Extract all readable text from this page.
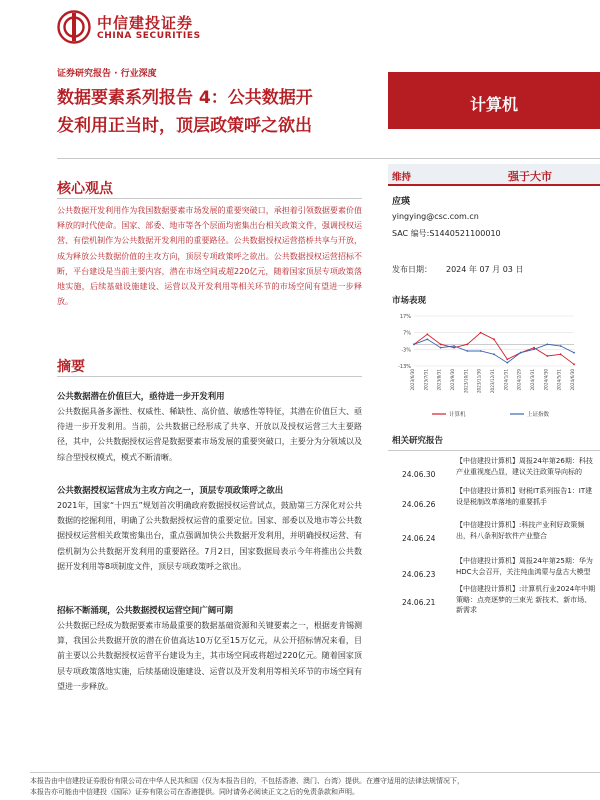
中信建投证券
CHINA SECURITIES
证券研究报告 · 行业深度
数据要素系列报告 4：公共数据开
发利用正当时，顶层政策呼之欲出
计算机
核心观点
公共数据开发利用作为我国数据要素市场发展的重要突破口，承担着引领数据要素价值释放的时代使命。国家、部委、地市等各个层面均密集出台相关政策文件，强调授权运营、有偿机制作为公共数据开发利用的重要路径。公共数据授权运营搭桥共享与开放，成为释放公共数据价值的主攻方向，顶层专项政策呼之欲出。公共数据授权运营招标不断，平台建设是当前主要内容，潜在市场空间或超220亿元，随着国家顶层专项政策落地实施，后续基础设施建设、运营以及开发利用等相关环节的市场空间有望进一步释放。
摘要
公共数据潜在价值巨大，亟待进一步开发利用
公共数据具备多源性、权威性、稀缺性、高价值、敏感性等特征，其潜在价值巨大、亟待进一步开发利用。当前，公共数据已经形成了共享、开放以及授权运营三大主要路径，其中，公共数据授权运营是数据要素市场发展的重要突破口，主要分为分领域以及综合型授权模式，模式不断清晰。
公共数据授权运营成为主攻方向之一，顶层专项政策呼之欲出
2021年，国家“十四五”规划首次明确政府数据授权运营试点，鼓励第三方深化对公共数据的挖掘利用，明确了公共数据授权运营的重要定位。国家、部委以及地市等公共数据授权运营相关政策密集出台，重点强调加快公共数据开发利用，并明确授权运营、有偿机制为公共数据开发利用的重要路径。7月2日，国家数据局表示今年将推出公共数据开发利用等8项制度文件，顶层专项政策呼之欲出。
招标不断涌现，公共数据授权运营空间广阔可期
公共数据已经成为数据要素市场最重要的数据基础资源和关键要素之一，根据麦肯锡测算，我国公共数据开放的潜在价值高达10万亿至15万亿元，从公开招标情况来看，目前主要以公共数据授权运营平台建设为主，其市场空间或将超过220亿元。随着国家顶层专项政策落地实施，后续基础设施建设、运营以及开发利用等相关环节的市场空间有望进一步释放。
维持	强于大市
应瑛
yingying@csc.com.cn
SAC 编号:S1440521100010
发布日期： 2024 年 07 月 03 日
市场表现
17%
7%
-3%
-13%
2023/6/30 2023/7/31 2023/8/31 2023/9/30 2023/10/31 2023/11/30 2023/12/31 2024/1/31 2024/2/29 2024/3/31 2024/4/30 2024/5/31 2024/6/30
计算机	上证指数
相关研究报告
24.06.30
【中信建投计算机】周报24年第26期：科技产业重视度凸显，建议关注政策导向标的
24.06.26
【中信建投计算机】财税IT系列报告1：IT建设是税制改革落地的重要抓手
24.06.24
【中信建投计算机】:科技产业利好政策频出，科八条利好软件产业整合
24.06.23
【中信建投计算机】周报24年第25期：华为HDC大会召开，关注纯血鸿蒙与盘古大模型
24.06.21
【中信建投计算机】:计算机行业2024年中期策略：点亮逐梦的三束光 新技术、新市场、新需求
本报告由中信建投证券股份有限公司在中华人民共和国（仅为本报告目的，不包括香港、澳门、台湾）提供。在遵守适用的法律法规情况下，
本报告亦可能由中信建投（国际）证券有限公司在香港提供。同时请务必阅读正文之后的免责条款和声明。
